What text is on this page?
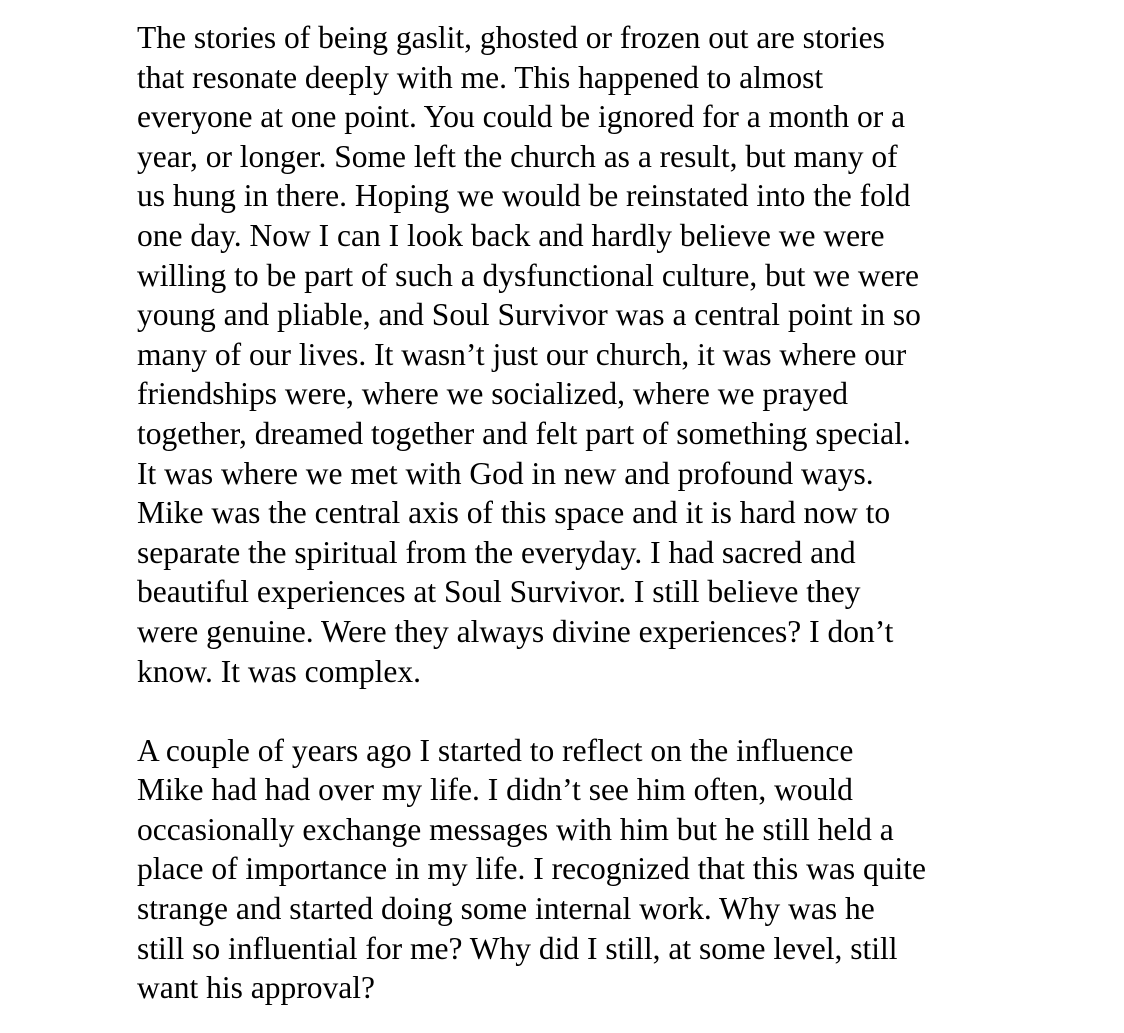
The stories of being gaslit, ghosted or frozen out are stories
that resonate deeply with me. This happened to almost
everyone at one point. You could be ignored for a month or a
year, or longer. Some left the church as a result, but many of
us hung in there. Hoping we would be reinstated into the fold
one day. Now I can I look back and hardly believe we were
willing to be part of such a dysfunctional culture, but we were
young and pliable, and Soul Survivor was a central point in so
many of our lives. It wasn’t just our church, it was where our
friendships were, where we socialized, where we prayed
together, dreamed together and felt part of something special.
It was where we met with God in new and profound ways.
Mike was the central axis of this space and it is hard now to
separate the spiritual from the everyday. I had sacred and
beautiful experiences at Soul Survivor. I still believe they
were genuine. Were they always divine experiences? I don’t
know. It was complex.

A couple of years ago I started to reflect on the influence
Mike had had over my life. I didn’t see him often, would
occasionally exchange messages with him but he still held a
place of importance in my life. I recognized that this was quite
strange and started doing some internal work. Why was he
still so influential for me? Why did I still, at some level, still
want his approval?
